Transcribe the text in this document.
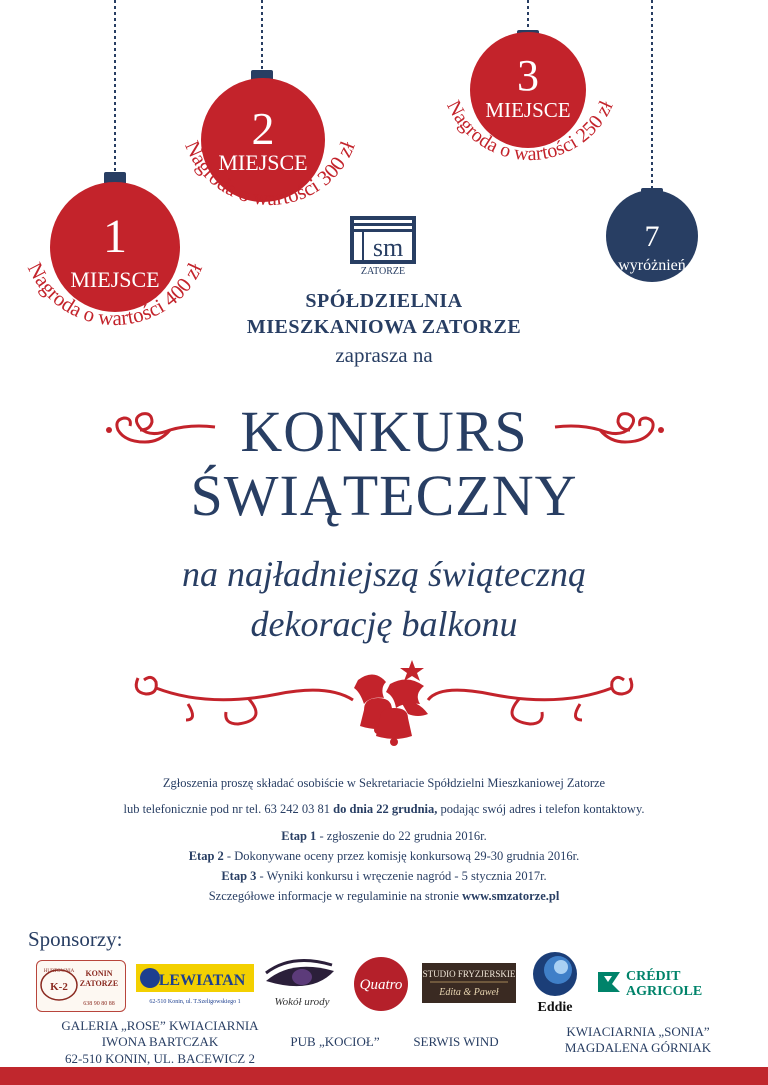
1
MIEJSCE
2
MIEJSCE
3
MIEJSCE
7
wyróżnień
Nagroda o wartości 400 zł
Nagroda o wartości 300 zł
Nagroda o wartości 250 zł
sm
ZATORZE
SPÓŁDZIELNIA
MIESZKANIOWA ZATORZE
zaprasza na
KONKURS
ŚWIĄTECZNY
na najładniejszą świąteczną
dekorację balkonu
Zgłoszenia proszę składać osobiście w Sekretariacie Spółdzielni Mieszkaniowej Zatorze
lub telefonicznie pod nr tel. 63 242 03 81 do dnia 22 grudnia, podając swój adres i telefon kontaktowy.
Etap 1 - zgłoszenie do 22 grudnia 2016r.
Etap 2 - Dokonywane oceny przez komisję konkursową 29-30 grudnia 2016r.
Etap 3 - Wyniki konkursu i wręczenie nagród - 5 stycznia 2017r.
Szczegółowe informacje w regulaminie na stronie www.smzatorze.pl
Sponsorzy:
HURTOWNIA
K-2
KONIN
ZATORZE
638 90 80 88
LEWIATAN
62-510 Konin, ul. T.Szeligowskiego 1	Wokół urody
Quatro
STUDIO FRYZJERSKIE
Edita & Paweł
Eddie
CRÉDIT
AGRICOLE
GALERIA „ROSE” KWIACIARNIA
IWONA BARTCZAK
62-510 KONIN, UL. BACEWICZ 2
PUB „KOCIOŁ”	SERWIS WIND
KWIACIARNIA „SONIA”
MAGDALENA GÓRNIAK
